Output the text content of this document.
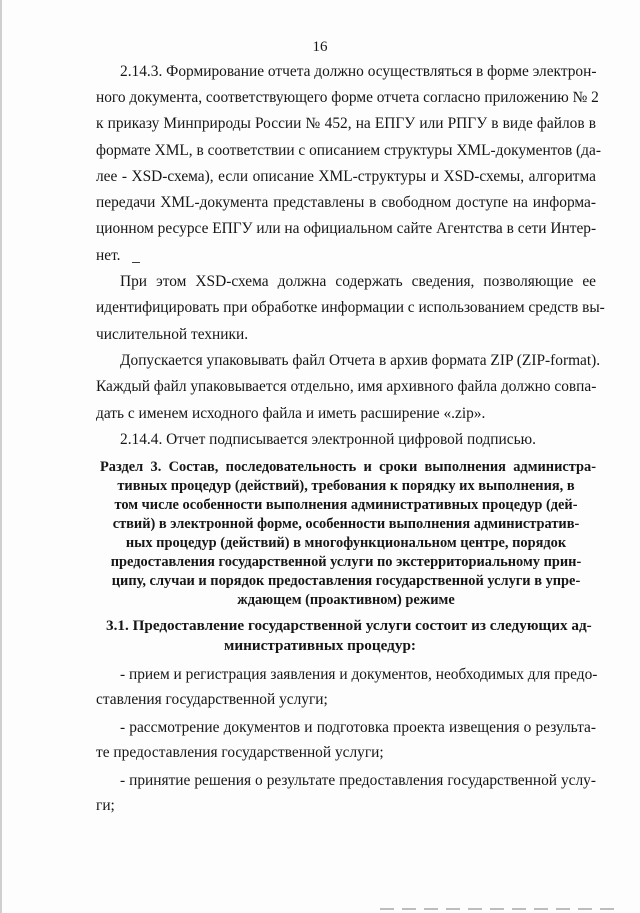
16
2.14.3. Формирование отчета должно осуществляться в форме электрон-
ного документа, соответствующего форме отчета согласно приложению № 2
к приказу Минприроды России № 452, на ЕПГУ или РПГУ в виде файлов в
формате XML, в соответствии с описанием структуры XML-документов (да-
лее - XSD-схема), если описание XML-структуры и XSD-схемы, алгоритма
передачи XML-документа представлены в свободном доступе на информа-
ционном ресурсе ЕПГУ или на официальном сайте Агентства в сети Интер-
нет.
При этом XSD-схема должна содержать сведения, позволяющие ее
идентифицировать при обработке информации с использованием средств вы-
числительной техники.
Допускается упаковывать файл Отчета в архив формата ZIP (ZIP-format).
Каждый файл упаковывается отдельно, имя архивного файла должно совпа-
дать с именем исходного файла и иметь расширение «.zip».
2.14.4. Отчет подписывается электронной цифровой подписью.
Раздел 3. Состав, последовательность и сроки выполнения администра-
тивных процедур (действий), требования к порядку их выполнения, в
том числе особенности выполнения административных процедур (дей-
ствий) в электронной форме, особенности выполнения административ-
ных процедур (действий) в многофункциональном центре, порядок
предоставления государственной услуги по экстерриториальному прин-
ципу, случаи и порядок предоставления государственной услуги в упре-
ждающем (проактивном) режиме
3.1. Предоставление государственной услуги состоит из следующих ад-
министративных процедур:
- прием и регистрация заявления и документов, необходимых для предо-
ставления государственной услуги;
- рассмотрение документов и подготовка проекта извещения о результа-
те предоставления государственной услуги;
- принятие решения о результате предоставления государственной услу-
ги;
